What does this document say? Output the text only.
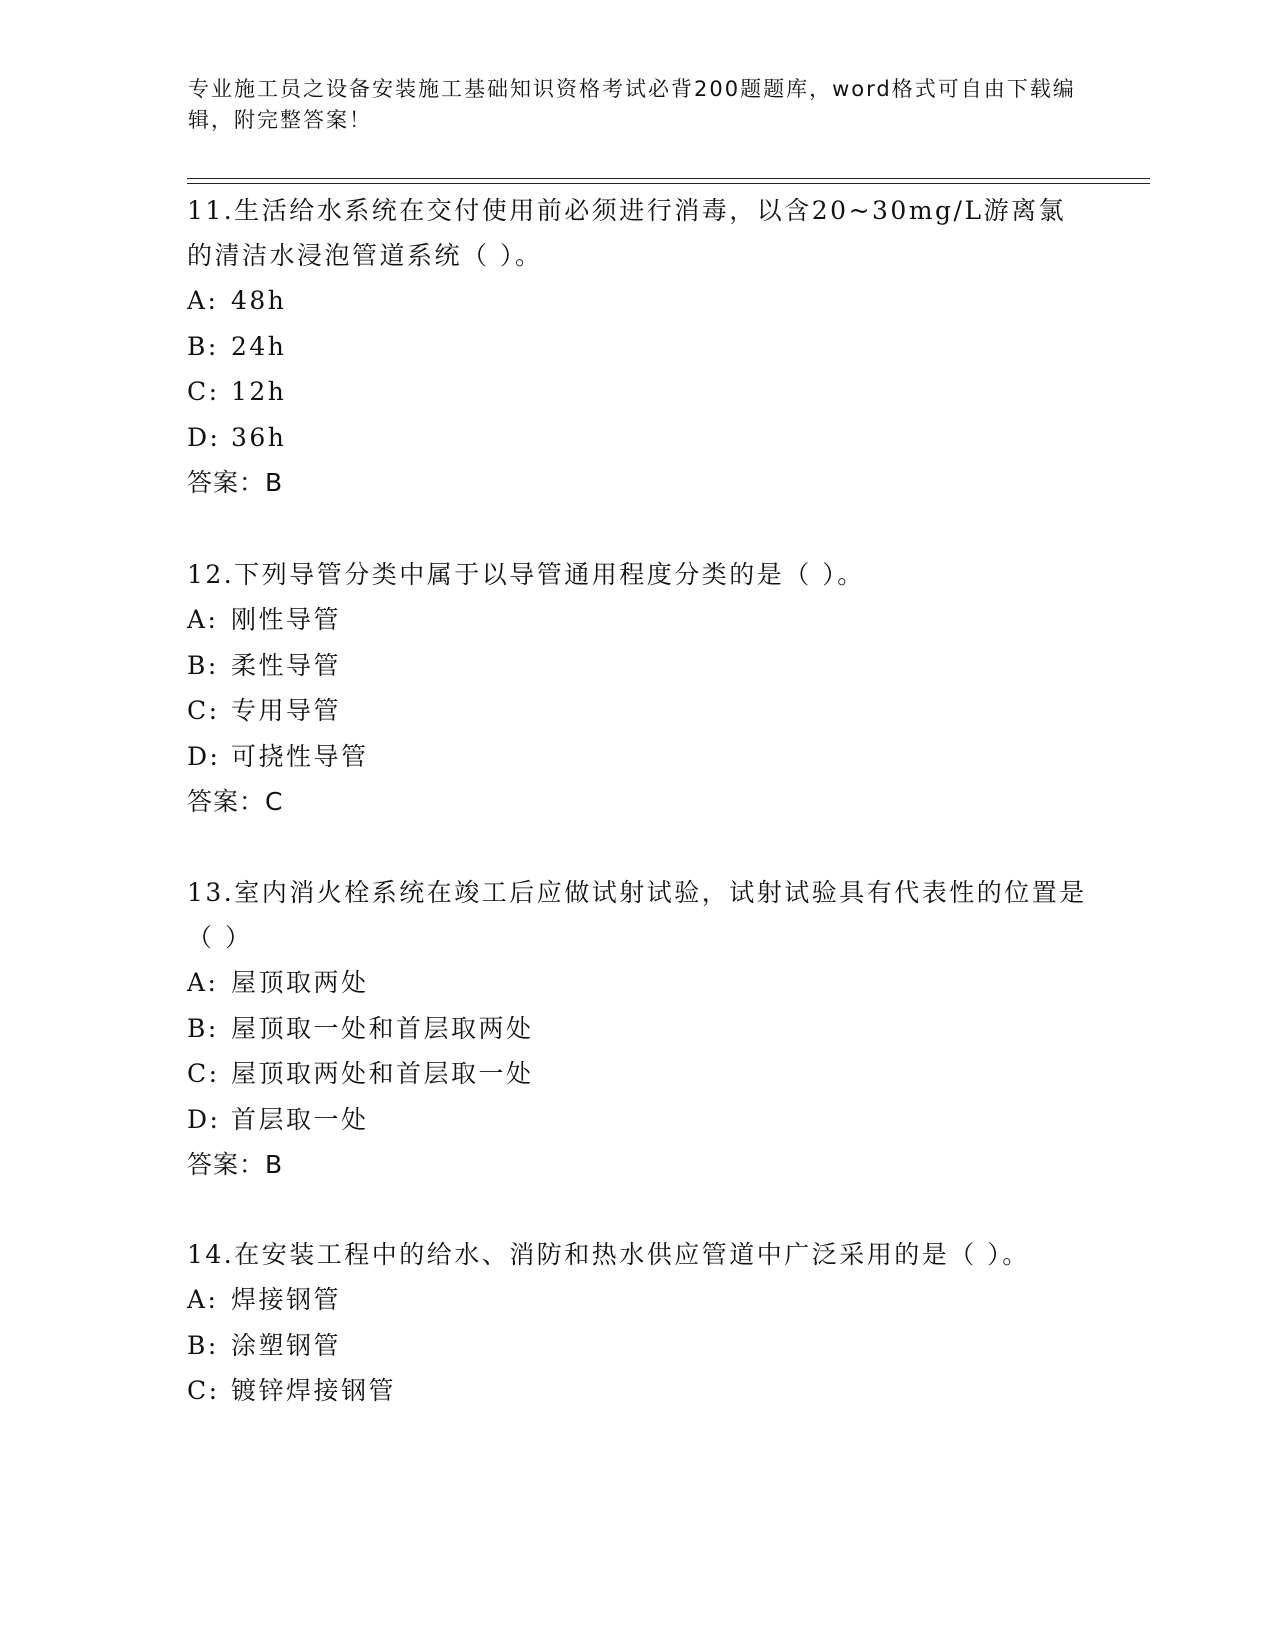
专业施工员之设备安装施工基础知识资格考试必背200题题库，word格式可自由下载编辑，附完整答案！

11.生活给水系统在交付使用前必须进行消毒，以含20~30mg/L游离氯的清洁水浸泡管道系统（ ）。

A: 48h

B: 24h

C: 12h

D: 36h

答案：B

12.下列导管分类中属于以导管通用程度分类的是（ ）。

A: 刚性导管

B: 柔性导管

C: 专用导管

D: 可挠性导管

答案：C

13.室内消火栓系统在竣工后应做试射试验，试射试验具有代表性的位置是（ ）

A: 屋顶取两处

B: 屋顶取一处和首层取两处

C: 屋顶取两处和首层取一处

D: 首层取一处

答案：B

14.在安装工程中的给水、消防和热水供应管道中广泛采用的是（ ）。

A: 焊接钢管

B: 涂塑钢管

C: 镀锌焊接钢管
